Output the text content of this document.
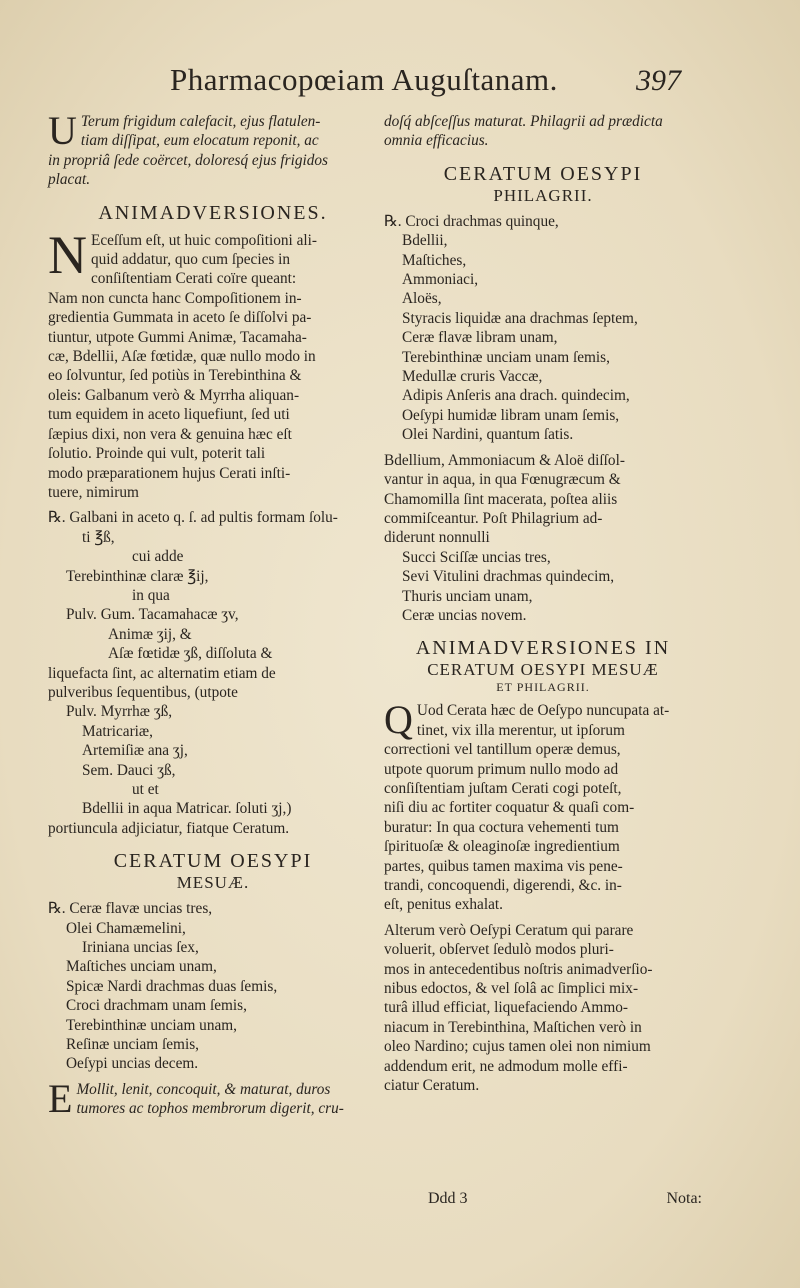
Pharmacopœiam Auguſtanam.	397
U Terum frigidum calefacit, ejus flatulen-
tiam diſſipat, eum elocatum reponit, ac
in propriâ ſede coërcet, doloresq́ ejus frigidos
placat.

ANIMADVERSIONES.

N Eceſſum eſt, ut huic compoſitioni ali-
quid addatur, quo cum ſpecies in
conſiſtentiam Cerati coïre queant:
Nam non cuncta hanc Compoſitionem in-
gredientia Gummata in aceto ſe diſſolvi pa-
tiuntur, utpote Gummi Animæ, Tacamaha-
cæ, Bdellii, Aſæ fœtidæ, quæ nullo modo in
eo ſolvuntur, ſed potiùs in Terebinthina &
oleis: Galbanum verò & Myrrha aliquan-
tum equidem in aceto liquefiunt, ſed uti
ſæpius dixi, non vera & genuina hæc eſt
ſolutio. Proinde qui vult, poterit tali
modo præparationem hujus Cerati inſti-
tuere, nimirum
℞. Galbani in aceto q. ſ. ad pultis formam ſolu-
ti ℥ß,
cui adde
Terebinthinæ claræ ℥ij,
in qua
Pulv. Gum. Tacamahacæ ʒv,
Animæ ʒij, &
Aſæ fœtidæ ʒß, diſſoluta &
liquefacta ſint, ac alternatim etiam de
pulveribus ſequentibus, (utpote
Pulv. Myrrhæ ʒß,
Matricariæ,
Artemiſiæ ana ʒj,
Sem. Dauci ʒß,
ut et
Bdellii in aqua Matricar. ſoluti ʒj,)
portiuncula adjiciatur, fiatque Ceratum.

CERATUM OESYPI

MESUÆ.

℞. Ceræ flavæ uncias tres,
Olei Chamæmelini,
Iriniana uncias ſex,
Maſtiches unciam unam,
Spicæ Nardi drachmas duas ſemis,
Croci drachmam unam ſemis,
Terebinthinæ unciam unam,
Reſinæ unciam ſemis,
Oeſypi uncias decem.
E Mollit, lenit, concoquit, & maturat, duros
tumores ac tophos membrorum digerit, cru-
doſq́ abſceſſus maturat. Philagrii ad prædicta
omnia efficacius.

CERATUM OESYPI

PHILAGRII.

℞. Croci drachmas quinque,
Bdellii,
Maſtiches,
Ammoniaci,
Aloës,
Styracis liquidæ ana drachmas ſeptem,
Ceræ flavæ libram unam,
Terebinthinæ unciam unam ſemis,
Medullæ cruris Vaccæ,
Adipis Anſeris ana drach. quindecim,
Oeſypi humidæ libram unam ſemis,
Olei Nardini, quantum ſatis.
Bdellium, Ammoniacum & Aloë diſſol-
vantur in aqua, in qua Fœnugræcum &
Chamomilla ſint macerata, poſtea aliis
commiſceantur. Poſt Philagrium ad-
diderunt nonnulli
Succi Sciſſæ uncias tres,
Sevi Vitulini drachmas quindecim,
Thuris unciam unam,
Ceræ uncias novem.

ANIMADVERSIONES IN

CERATUM OESYPI MESUÆ

ET PHILAGRII.

Q Uod Cerata hæc de Oeſypo nuncupata at-
tinet, vix illa merentur, ut ipſorum
correctioni vel tantillum operæ demus,
utpote quorum primum nullo modo ad
conſiſtentiam juſtam Cerati cogi poteſt,
niſi diu ac fortiter coquatur & quaſi com-
buratur: In qua coctura vehementi tum
ſpirituoſæ & oleaginoſæ ingredientium
partes, quibus tamen maxima vis pene-
trandi, concoquendi, digerendi, &c. in-
eſt, penitus exhalat.
Alterum verò Oeſypi Ceratum qui parare
voluerit, obſervet ſedulò modos pluri-
mos in antecedentibus noſtris animadverſio-
nibus edoctos, & vel ſolâ ac ſimplici mix-
turâ illud efficiat, liquefaciendo Ammo-
niacum in Terebinthina, Maſtichen verò in
oleo Nardino; cujus tamen olei non nimium
addendum erit, ne admodum molle effi-
ciatur Ceratum.
Ddd 3	Nota:
